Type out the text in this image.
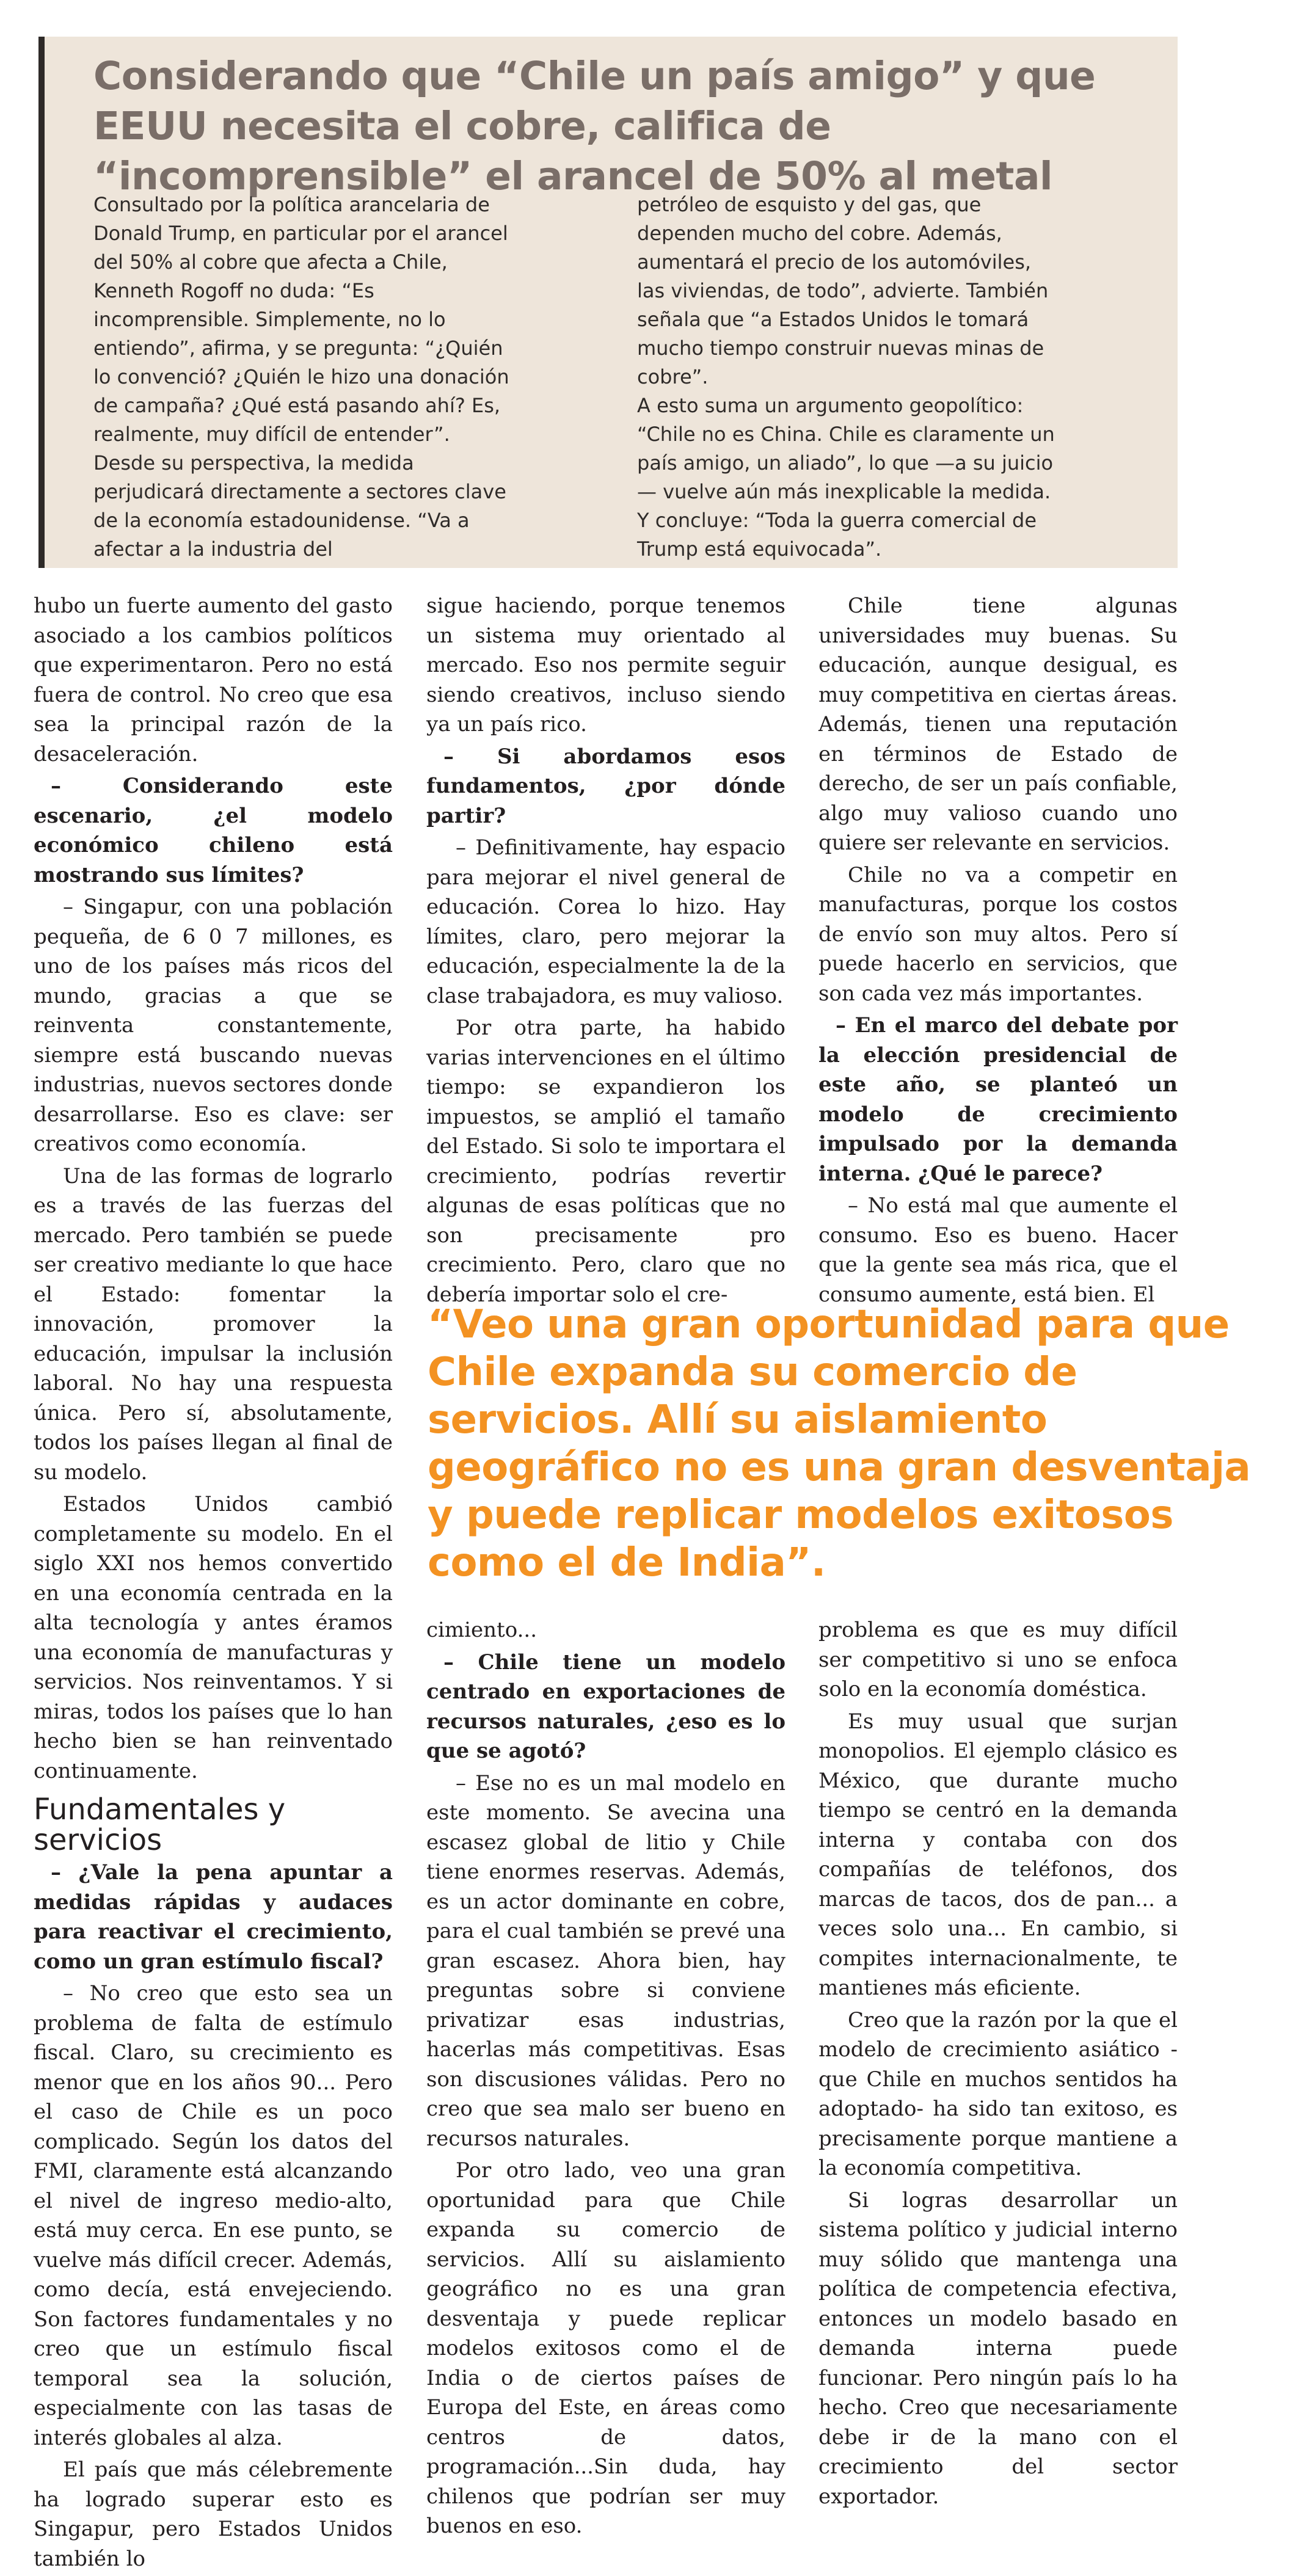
Considerando que “Chile un país amigo” y que EEUU necesita el cobre, califica de “incomprensible” el arancel de 50% al metal

Consultado por la política arancelaria de Donald Trump, en particular por el arancel del 50% al cobre que afecta a Chile, Kenneth Rogoff no duda: “Es incomprensible. Simplemente, no lo entiendo”, afirma, y se pregunta: “¿Quién lo convenció? ¿Quién le hizo una donación de campaña? ¿Qué está pasando ahí? Es, realmente, muy difícil de entender”.

Desde su perspectiva, la medida perjudicará directamente a sectores clave de la economía estadounidense. “Va a afectar a la industria del

petróleo de esquisto y del gas, que dependen mucho del cobre. Además, aumentará el precio de los automóviles, las viviendas, de todo”, advierte. También señala que “a Estados Unidos le tomará mucho tiempo construir nuevas minas de cobre”.

A esto suma un argumento geopolítico: “Chile no es China. Chile es claramente un país amigo, un aliado”, lo que —a su juicio— vuelve aún más inexplicable la medida. Y concluye: “Toda la guerra comercial de Trump está equivocada”.

hubo un fuerte aumento del gasto asociado a los cambios políticos que experimentaron. Pero no está fuera de control. No creo que esa sea la principal razón de la desaceleración.

– Considerando este escenario, ¿el modelo económico chileno está mostrando sus límites?

– Singapur, con una población pequeña, de 6 0 7 millones, es uno de los países más ricos del mundo, gracias a que se reinventa constantemente, siempre está buscando nuevas industrias, nuevos sectores donde desarrollarse. Eso es clave: ser creativos como economía.

Una de las formas de lograrlo es a través de las fuerzas del mercado. Pero también se puede ser creativo mediante lo que hace el Estado: fomentar la innovación, promover la educación, impulsar la inclusión laboral. No hay una respuesta única. Pero sí, absolutamente, todos los países llegan al final de su modelo.

Estados Unidos cambió completamente su modelo. En el siglo XXI nos hemos convertido en una economía centrada en la alta tecnología y antes éramos una economía de manufacturas y servicios. Nos reinventamos. Y si miras, todos los países que lo han hecho bien se han reinventado continuamente.

Fundamentales y servicios

– ¿Vale la pena apuntar a medidas rápidas y audaces para reactivar el crecimiento, como un gran estímulo fiscal?

– No creo que esto sea un problema de falta de estímulo fiscal. Claro, su crecimiento es menor que en los años 90... Pero el caso de Chile es un poco complicado. Según los datos del FMI, claramente está alcanzando el nivel de ingreso medio-alto, está muy cerca. En ese punto, se vuelve más difícil crecer. Además, como decía, está envejeciendo. Son factores fundamentales y no creo que un estímulo fiscal temporal sea la solución, especialmente con las tasas de interés globales al alza.

El país que más célebremente ha logrado superar esto es Singapur, pero Estados Unidos también lo

sigue haciendo, porque tenemos un sistema muy orientado al mercado. Eso nos permite seguir siendo creativos, incluso siendo ya un país rico.

– Si abordamos esos fundamentos, ¿por dónde partir?

– Definitivamente, hay espacio para mejorar el nivel general de educación. Corea lo hizo. Hay límites, claro, pero mejorar la educación, especialmente la de la clase trabajadora, es muy valioso.

Por otra parte, ha habido varias intervenciones en el último tiempo: se expandieron los impuestos, se amplió el tamaño del Estado. Si solo te importara el crecimiento, podrías revertir algunas de esas políticas que no son precisamente pro crecimiento. Pero, claro que no debería importar solo el cre-

Chile tiene algunas universidades muy buenas. Su educación, aunque desigual, es muy competitiva en ciertas áreas. Además, tienen una reputación en términos de Estado de derecho, de ser un país confiable, algo muy valioso cuando uno quiere ser relevante en servicios.

Chile no va a competir en manufacturas, porque los costos de envío son muy altos. Pero sí puede hacerlo en servicios, que son cada vez más importantes.

– En el marco del debate por la elección presidencial de este año, se planteó un modelo de crecimiento impulsado por la demanda interna. ¿Qué le parece?

– No está mal que aumente el consumo. Eso es bueno. Hacer que la gente sea más rica, que el consumo aumente, está bien. El

“Veo una gran oportunidad para que Chile expanda su comercio de servicios. Allí su aislamiento geográfico no es una gran desventaja y puede replicar modelos exitosos como el de India”.

cimiento...

– Chile tiene un modelo centrado en exportaciones de recursos naturales, ¿eso es lo que se agotó?

– Ese no es un mal modelo en este momento. Se avecina una escasez global de litio y Chile tiene enormes reservas. Además, es un actor dominante en cobre, para el cual también se prevé una gran escasez. Ahora bien, hay preguntas sobre si conviene privatizar esas industrias, hacerlas más competitivas. Esas son discusiones válidas. Pero no creo que sea malo ser bueno en recursos naturales.

Por otro lado, veo una gran oportunidad para que Chile expanda su comercio de servicios. Allí su aislamiento geográfico no es una gran desventaja y puede replicar modelos exitosos como el de India o de ciertos países de Europa del Este, en áreas como centros de datos, programación...Sin duda, hay chilenos que podrían ser muy buenos en eso.

problema es que es muy difícil ser competitivo si uno se enfoca solo en la economía doméstica.

Es muy usual que surjan monopolios. El ejemplo clásico es México, que durante mucho tiempo se centró en la demanda interna y contaba con dos compañías de teléfonos, dos marcas de tacos, dos de pan... a veces solo una... En cambio, si compites internacionalmente, te mantienes más eficiente.

Creo que la razón por la que el modelo de crecimiento asiático -que Chile en muchos sentidos ha adoptado- ha sido tan exitoso, es precisamente porque mantiene a la economía competitiva.

Si logras desarrollar un sistema político y judicial interno muy sólido que mantenga una política de competencia efectiva, entonces un modelo basado en demanda interna puede funcionar. Pero ningún país lo ha hecho. Creo que necesariamente debe ir de la mano con el crecimiento del sector exportador.
